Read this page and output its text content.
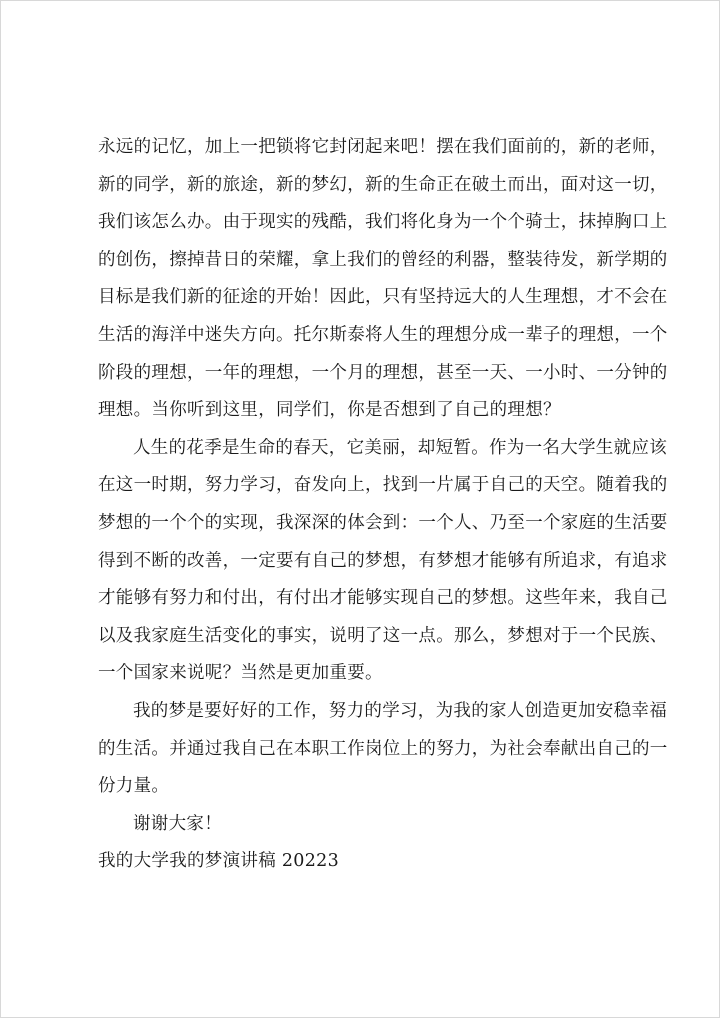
永远的记忆，加上一把锁将它封闭起来吧！摆在我们面前的，新的老师，
新的同学，新的旅途，新的梦幻，新的生命正在破土而出，面对这一切，
我们该怎么办。由于现实的残酷，我们将化身为一个个骑士，抹掉胸口上
的创伤，擦掉昔日的荣耀，拿上我们的曾经的利器，整装待发，新学期的
目标是我们新的征途的开始！因此，只有坚持远大的人生理想，才不会在
生活的海洋中迷失方向。托尔斯泰将人生的理想分成一辈子的理想，一个
阶段的理想，一年的理想，一个月的理想，甚至一天、一小时、一分钟的
理想。当你听到这里，同学们，你是否想到了自己的理想？
人生的花季是生命的春天，它美丽，却短暂。作为一名大学生就应该
在这一时期，努力学习，奋发向上，找到一片属于自己的天空。随着我的
梦想的一个个的实现，我深深的体会到：一个人、乃至一个家庭的生活要
得到不断的改善，一定要有自己的梦想，有梦想才能够有所追求，有追求
才能够有努力和付出，有付出才能够实现自己的梦想。这些年来，我自己
以及我家庭生活变化的事实，说明了这一点。那么，梦想对于一个民族、
一个国家来说呢？当然是更加重要。
我的梦是要好好的工作，努力的学习，为我的家人创造更加安稳幸福
的生活。并通过我自己在本职工作岗位上的努力，为社会奉献出自己的一
份力量。
谢谢大家！
我的大学我的梦演讲稿 20223
